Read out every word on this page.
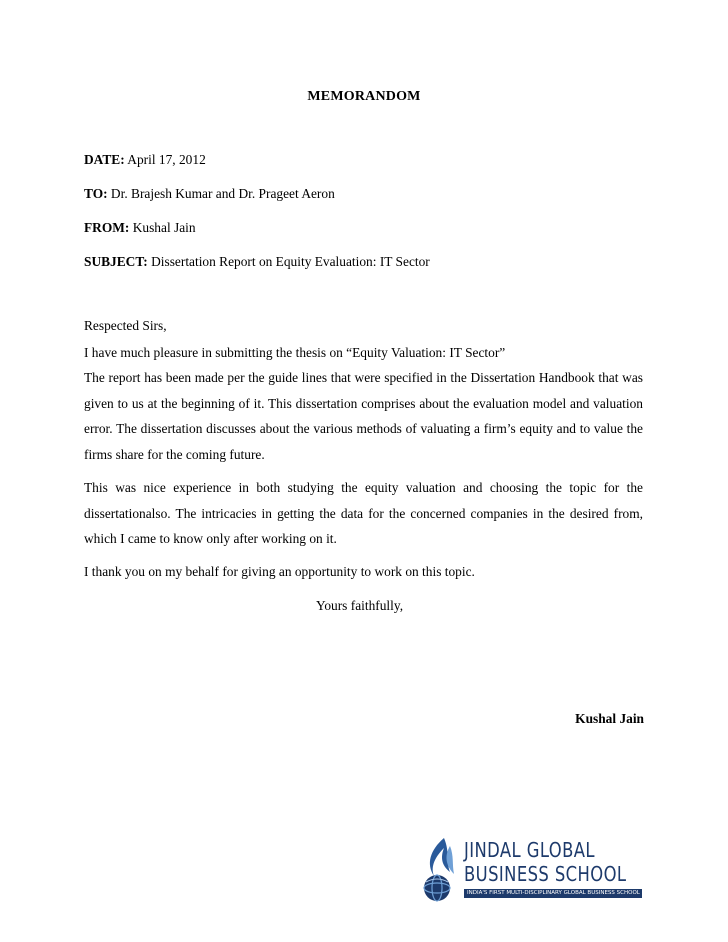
MEMORANDOM
DATE: April 17, 2012
TO: Dr. Brajesh Kumar and Dr. Prageet Aeron
FROM: Kushal Jain
SUBJECT: Dissertation Report on Equity Evaluation: IT Sector
Respected Sirs,
I have much pleasure in submitting the thesis on “Equity Valuation: IT Sector”
The report has been made per the guide lines that were specified in the Dissertation Handbook that was given to us at the beginning of it. This dissertation comprises about the evaluation model and valuation error. The dissertation discusses about the various methods of valuating a firm’s equity and to value the firms share for the coming future.
This was nice experience in both studying the equity valuation and choosing the topic for the dissertationalso. The intricacies in getting the data for the concerned companies in the desired from, which I came to know only after working on it.
I thank you on my behalf for giving an opportunity to work on this topic.
Yours faithfully,
Kushal Jain
JINDAL GLOBAL
BUSINESS SCHOOL
INDIA'S FIRST MULTI-DISCIPLINARY GLOBAL BUSINESS SCHOOL
